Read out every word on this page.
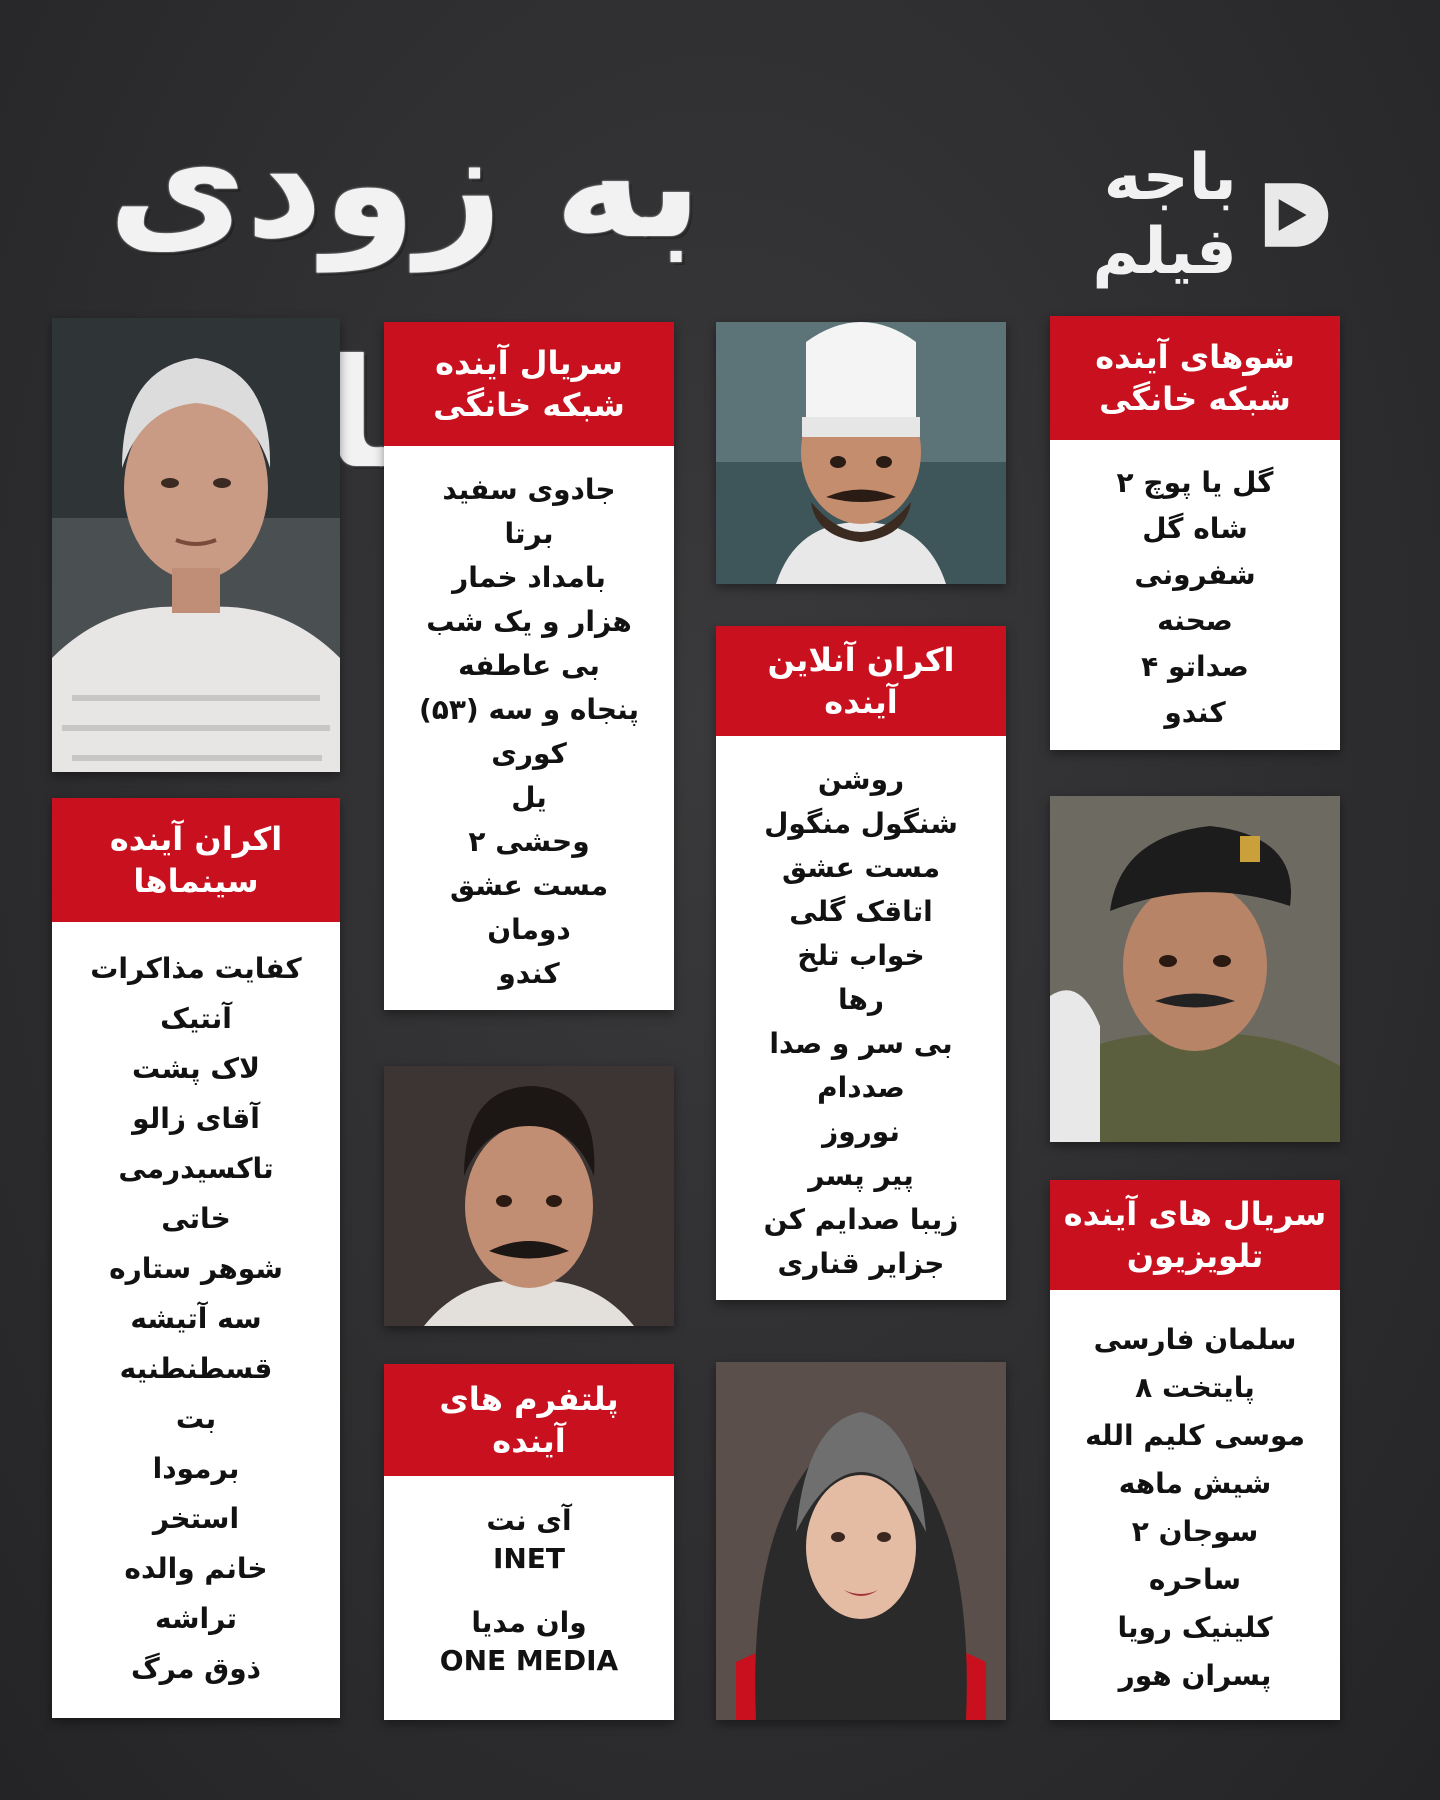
به زودی	باجه فیلم
سریال آینده
شبکه خانگی
جادوی سفید
برتا
بامداد خمار
هزار و یک شب
بی عاطفه
پنجاه و سه (۵۳)
کوری
یل
وحشی ۲
مست عشق
دومان
کندو
شوهای آینده
شبکه خانگی
گل یا پوچ ۲
شاه گل
شفرونی
صحنه
صداتو ۴
کندو
اکران آنلاین
آینده
روشن
شنگول منگول
مست عشق
اتاقک گلی
خواب تلخ
رها
بی سر و صدا
صددام
نوروز
پیر پسر
زیبا صدایم کن
جزایر قناری
اکران آینده
سینماها
کفایت مذاکرات
آنتیک
لاک پشت
آقای زالو
تاکسیدرمی
خاتی
شوهر ستاره
سه آتیشه
قسطنطنیه
بت
برمودا
استخر
خانم والده
تراشه
ذوق مرگ
سریال های آینده
تلویزیون
سلمان فارسی
پایتخت ۸
موسی کلیم الله
شیش ماهه
سوجان ۲
ساحره
کلینیک رویا
پسران هور
پلتفرم های
آینده
آی نت
INET
وان مدیا
ONE MEDIA
